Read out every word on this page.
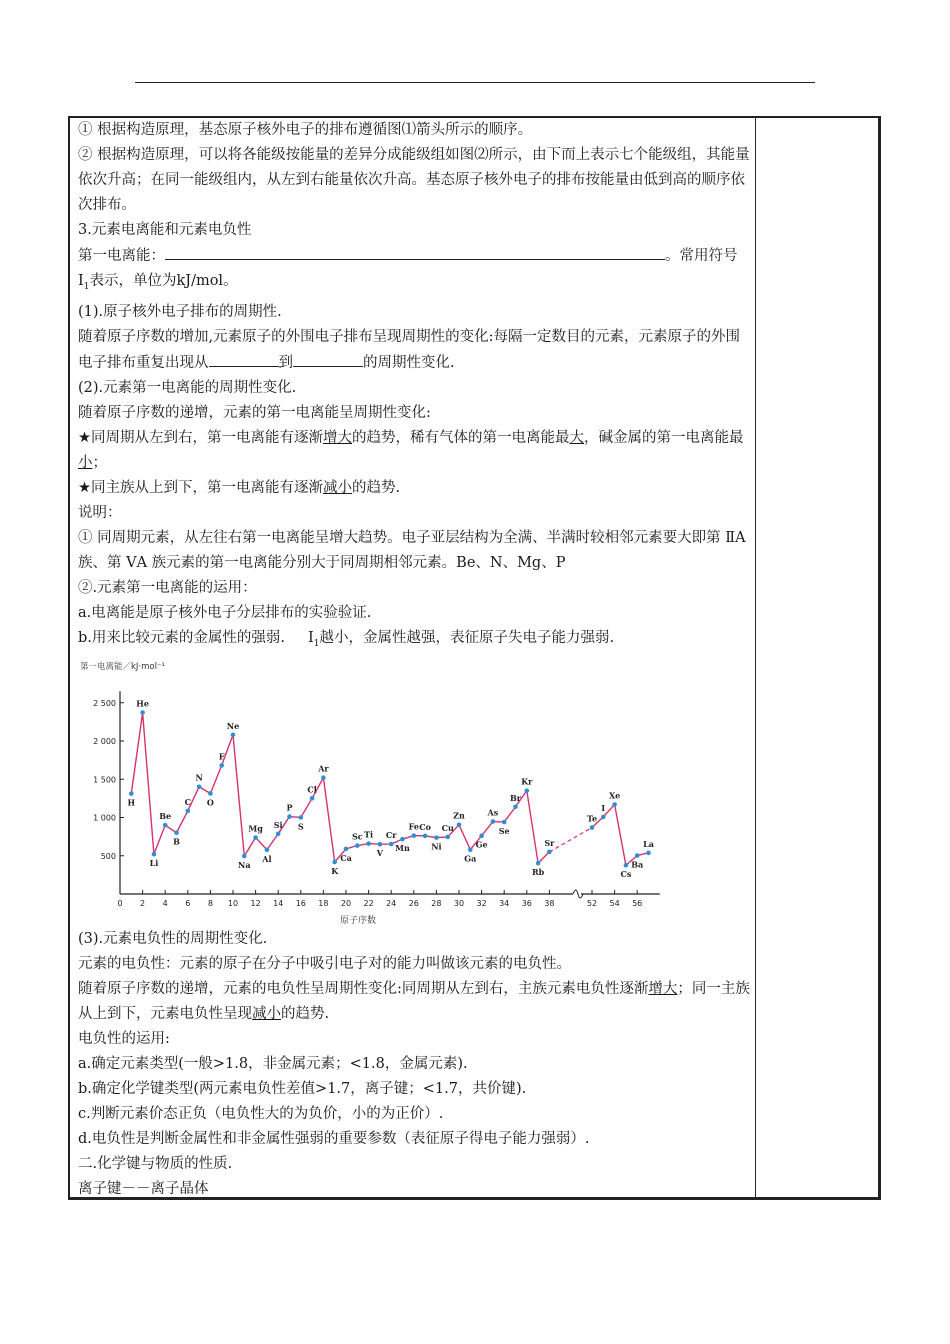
① 根据构造原理，基态原子核外电子的排布遵循图⑴箭头所示的顺序。

② 根据构造原理，可以将各能级按能量的差异分成能级组如图⑵所示，由下而上表示七个能级组，其能量依次升高；在同一能级组内，从左到右能量依次升高。基态原子核外电子的排布按能量由低到高的顺序依次排布。

3.元素电离能和元素电负性

第一电离能：	。常用符号 $I_1$表示，单位为kJ/mol。

(1).原子核外电子排布的周期性.

随着原子序数的增加,元素原子的外围电子排布呈现周期性的变化:每隔一定数目的元素，元素原子的外围电子排布重复出现从	到	的周期性变化.

(2).元素第一电离能的周期性变化.

随着原子序数的递增，元素的第一电离能呈周期性变化:

★同周期从左到右，第一电离能有逐渐增大的趋势，稀有气体的第一电离能最大，碱金属的第一电离能最小；

★同主族从上到下，第一电离能有逐渐减小的趋势.

说明：

① 同周期元素，从左往右第一电离能呈增大趋势。电子亚层结构为全满、半满时较相邻元素要大即第 ⅡA 族、第 ⅤA 族元素的第一电离能分别大于同周期相邻元素。Be、N、Mg、P

②.元素第一电离能的运用：

a.电离能是原子核外电子分层排布的实验验证.

b.用来比较元素的金属性的强弱.     $I_1$越小，金属性越强，表征原子失电子能力强弱.

第一电离能／kJ·mol⁻¹
原子序数
2 500
2 000
1 500
1 000
500
0 2 4 6 8 10 12 14 16 18 20 22 24 26 28 30 32 34 36 38	52 54 56
H
He
Li
Be
B
C
N
O
F
Ne
Na
Mg
Al
Si
P
S
Cl
Ar
K
Ca
Sc Ti
V
Cr
Mn
Fe Co
Ni
Cu
Zn
Ga
Ge
As
Se
Br
Kr
Rb
Sr
Te
I
Xe
Cs
Ba
La

(3).元素电负性的周期性变化.

元素的电负性：元素的原子在分子中吸引电子对的能力叫做该元素的电负性。

随着原子序数的递增，元素的电负性呈周期性变化:同周期从左到右，主族元素电负性逐渐增大；同一主族从上到下，元素电负性呈现减小的趋势.

电负性的运用:

a.确定元素类型(一般>1.8，非金属元素；<1.8，金属元素).

b.确定化学键类型(两元素电负性差值>1.7，离子键；<1.7，共价键).

c.判断元素价态正负（电负性大的为负价，小的为正价）.

d.电负性是判断金属性和非金属性强弱的重要参数（表征原子得电子能力强弱）.

二.化学键与物质的性质.

离子键－－离子晶体
